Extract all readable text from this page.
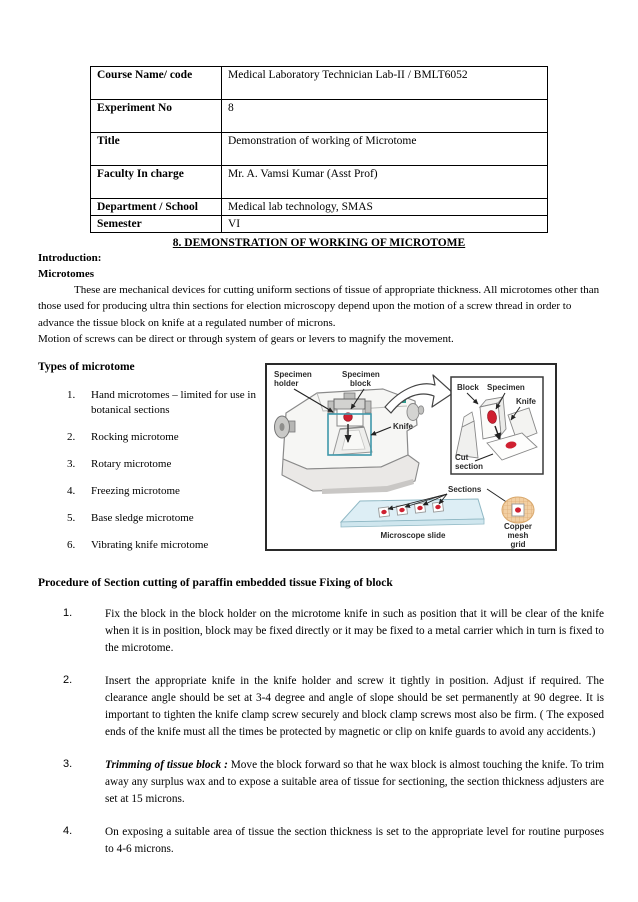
Course Name/ code	Medical Laboratory Technician Lab-II / BMLT6052
Experiment No	8
Title	Demonstration of working of Microtome
Faculty In charge	Mr. A. Vamsi Kumar (Asst Prof)
Department / School	Medical lab technology, SMAS
Semester	VI
8. DEMONSTRATION OF WORKING OF MICROTOME
Introduction:
Microtomes

These are mechanical devices for cutting uniform sections of tissue of appropriate thickness. All microtomes other than those used for producing ultra thin sections for election microscopy depend upon the motion of a screw thread in order to advance the tissue block on knife at a regulated number of microns.

Motion of screws can be direct or through system of gears or levers to magnify the movement.

Types of microtome
1.	Hand microtomes – limited for use in botanical sections
2.	Rocking microtome
3.	Rotary microtome
4.	Freezing microtome
5.	Base sledge microtome
6.	Vibrating knife microtome
Specimen
holder
Specimen
block
Knife
Block Specimen
Knife
Cut
section
Sections
Microscope slide
Copper
mesh
grid
Procedure of Section cutting of paraffin embedded tissue Fixing of block
1.	Fix the block in the block holder on the microtome knife in such as position that it will be clear of the knife when it is in position, block may be fixed directly or it may be fixed to a metal carrier which in turn is fixed to the microtome.
2.	Insert the appropriate knife in the knife holder and screw it tightly in position. Adjust if required. The clearance angle should be set at 3-4 degree and angle of slope should be set permanently at 90 degree. It is important to tighten the knife clamp screw securely and block clamp screws most also be firm. ( The exposed ends of the knife must all the times be protected by magnetic or clip on knife guards to avoid any accidents.)
3.	Trimming of tissue block : Move the block forward so that he wax block is almost touching the knife. To trim away any surplus wax and to expose a suitable area of tissue for sectioning, the section thickness adjusters are set at 15 microns.
4.	On exposing a suitable area of tissue the section thickness is set to the appropriate level for routine purposes to 4-6 microns.
